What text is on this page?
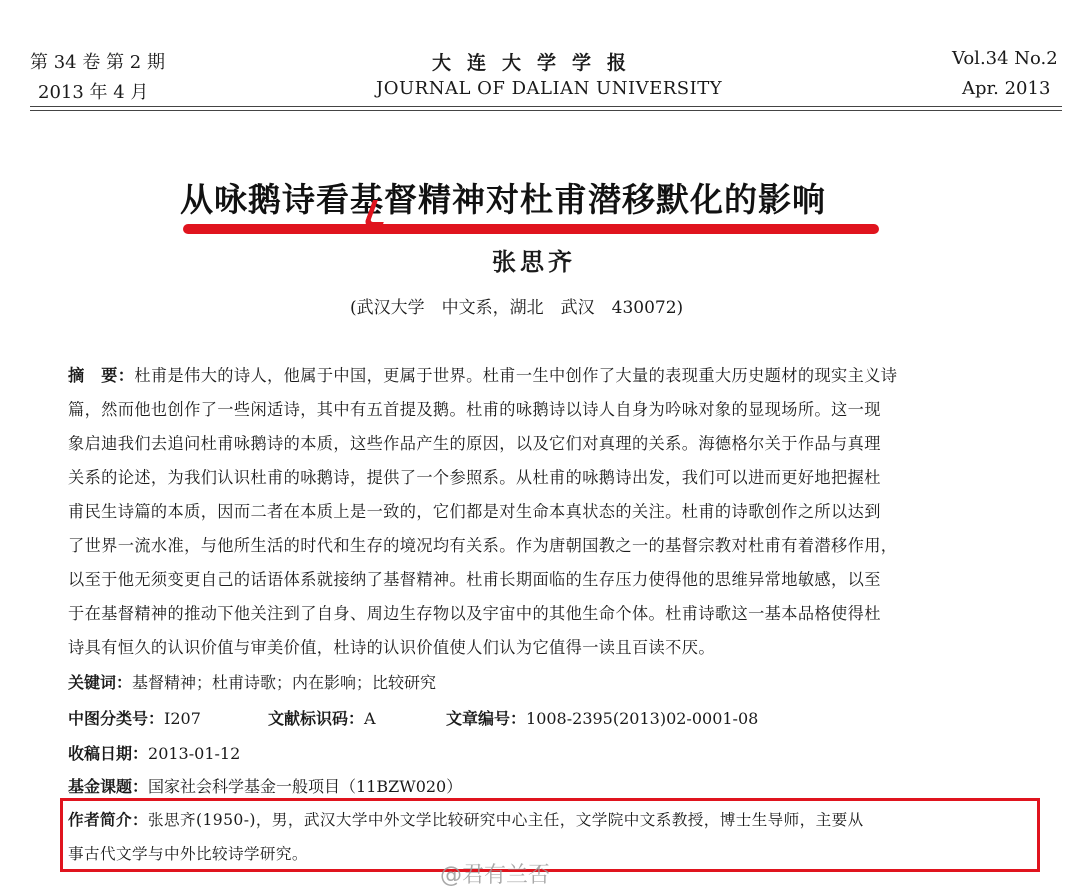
第 34 卷 第 2 期
2013 年 4 月
大连大学学报
JOURNAL OF DALIAN UNIVERSITY
Vol.34 No.2
Apr. 2013
从咏鹅诗看基督精神对杜甫潜移默化的影响
张思齐
(武汉大学　中文系，湖北　武汉　430072)
摘　要：杜甫是伟大的诗人，他属于中国，更属于世界。杜甫一生中创作了大量的表现重大历史题材的现实主义诗
篇，然而他也创作了一些闲适诗，其中有五首提及鹅。杜甫的咏鹅诗以诗人自身为吟咏对象的显现场所。这一现
象启迪我们去追问杜甫咏鹅诗的本质，这些作品产生的原因，以及它们对真理的关系。海德格尔关于作品与真理
关系的论述，为我们认识杜甫的咏鹅诗，提供了一个参照系。从杜甫的咏鹅诗出发，我们可以进而更好地把握杜
甫民生诗篇的本质，因而二者在本质上是一致的，它们都是对生命本真状态的关注。杜甫的诗歌创作之所以达到
了世界一流水准，与他所生活的时代和生存的境况均有关系。作为唐朝国教之一的基督宗教对杜甫有着潜移作用，
以至于他无须变更自己的话语体系就接纳了基督精神。杜甫长期面临的生存压力使得他的思维异常地敏感，以至
于在基督精神的推动下他关注到了自身、周边生存物以及宇宙中的其他生命个体。杜甫诗歌这一基本品格使得杜
诗具有恒久的认识价值与审美价值，杜诗的认识价值使人们认为它值得一读且百读不厌。
关键词：基督精神；杜甫诗歌；内在影响；比较研究
中图分类号：I207	文献标识码：A	文章编号：1008-2395(2013)02-0001-08
收稿日期：2013-01-12
基金课题：国家社会科学基金一般项目（11BZW020）
作者简介：张思齐(1950-)，男，武汉大学中外文学比较研究中心主任，文学院中文系教授，博士生导师，主要从
事古代文学与中外比较诗学研究。
@君有兰否
